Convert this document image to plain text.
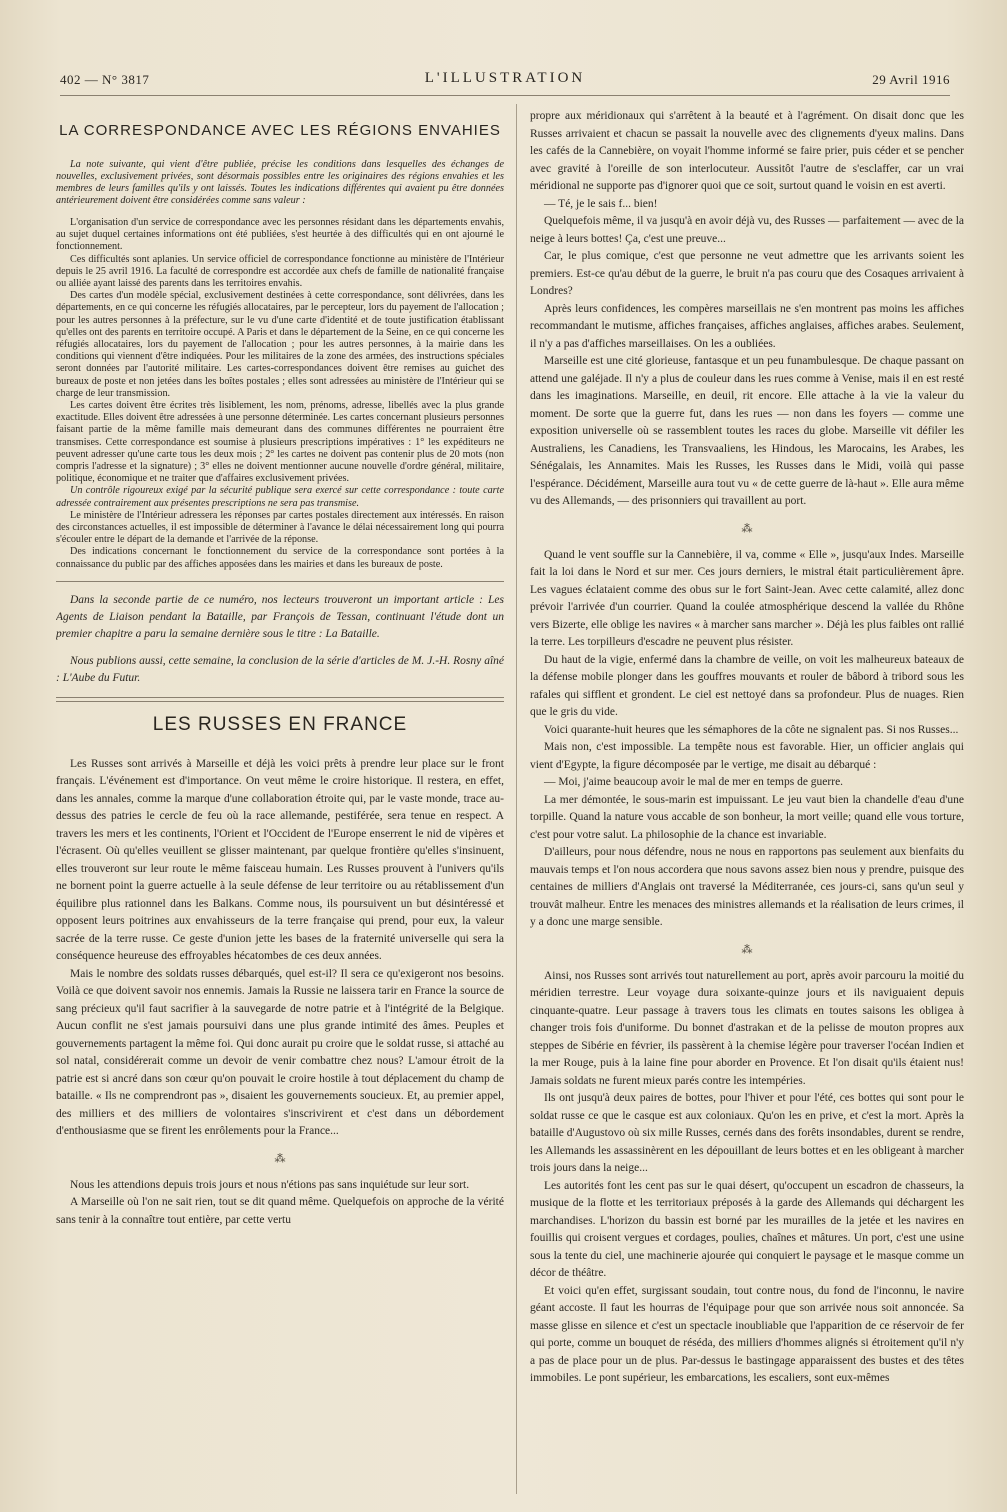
402 — N° 3817	L'ILLUSTRATION	29 Avril 1916
LA CORRESPONDANCE AVEC LES RÉGIONS ENVAHIES

La note suivante, qui vient d'être publiée, précise les conditions dans lesquelles des échanges de nouvelles, exclusivement privées, sont désormais possibles entre les originaires des régions envahies et les membres de leurs familles qu'ils y ont laissés. Toutes les indications différentes qui avaient pu être données antérieurement doivent être considérées comme sans valeur :

L'organisation d'un service de correspondance avec les personnes résidant dans les départements envahis, au sujet duquel certaines informations ont été publiées, s'est heurtée à des difficultés qui en ont ajourné le fonctionnement.

Ces difficultés sont aplanies. Un service officiel de correspondance fonctionne au ministère de l'Intérieur depuis le 25 avril 1916. La faculté de correspondre est accordée aux chefs de famille de nationalité française ou alliée ayant laissé des parents dans les territoires envahis.

Des cartes d'un modèle spécial, exclusivement destinées à cette correspondance, sont délivrées, dans les départements, en ce qui concerne les réfugiés allocataires, par le percepteur, lors du payement de l'allocation ; pour les autres personnes à la préfecture, sur le vu d'une carte d'identité et de toute justification établissant qu'elles ont des parents en territoire occupé. A Paris et dans le département de la Seine, en ce qui concerne les réfugiés allocataires, lors du payement de l'allocation ; pour les autres personnes, à la mairie dans les conditions qui viennent d'être indiquées. Pour les militaires de la zone des armées, des instructions spéciales seront données par l'autorité militaire. Les cartes-correspondances doivent être remises au guichet des bureaux de poste et non jetées dans les boîtes postales ; elles sont adressées au ministère de l'Intérieur qui se charge de leur transmission.

Les cartes doivent être écrites très lisiblement, les nom, prénoms, adresse, libellés avec la plus grande exactitude. Elles doivent être adressées à une personne déterminée. Les cartes concernant plusieurs personnes faisant partie de la même famille mais demeurant dans des communes différentes ne pourraient être transmises. Cette correspondance est soumise à plusieurs prescriptions impératives : 1° les expéditeurs ne peuvent adresser qu'une carte tous les deux mois ; 2° les cartes ne doivent pas contenir plus de 20 mots (non compris l'adresse et la signature) ; 3° elles ne doivent mentionner aucune nouvelle d'ordre général, militaire, politique, économique et ne traiter que d'affaires exclusivement privées.

Un contrôle rigoureux exigé par la sécurité publique sera exercé sur cette correspondance : toute carte adressée contrairement aux présentes prescriptions ne sera pas transmise.

Le ministère de l'Intérieur adressera les réponses par cartes postales directement aux intéressés. En raison des circonstances actuelles, il est impossible de déterminer à l'avance le délai nécessairement long qui pourra s'écouler entre le départ de la demande et l'arrivée de la réponse.

Des indications concernant le fonctionnement du service de la correspondance sont portées à la connaissance du public par des affiches apposées dans les mairies et dans les bureaux de poste.

Dans la seconde partie de ce numéro, nos lecteurs trouveront un important article : Les Agents de Liaison pendant la Bataille, par François de Tessan, continuant l'étude dont un premier chapitre a paru la semaine dernière sous le titre : La Bataille.

Nous publions aussi, cette semaine, la conclusion de la série d'articles de M. J.-H. Rosny aîné : L'Aube du Futur.

LES RUSSES EN FRANCE

Les Russes sont arrivés à Marseille et déjà les voici prêts à prendre leur place sur le front français. L'événement est d'importance. On veut même le croire historique. Il restera, en effet, dans les annales, comme la marque d'une collaboration étroite qui, par le vaste monde, trace au-dessus des patries le cercle de feu où la race allemande, pestiférée, sera tenue en respect. A travers les mers et les continents, l'Orient et l'Occident de l'Europe enserrent le nid de vipères et l'écrasent. Où qu'elles veuillent se glisser maintenant, par quelque frontière qu'elles s'insinuent, elles trouveront sur leur route le même faisceau humain. Les Russes prouvent à l'univers qu'ils ne bornent point la guerre actuelle à la seule défense de leur territoire ou au rétablissement d'un équilibre plus rationnel dans les Balkans. Comme nous, ils poursuivent un but désintéressé et opposent leurs poitrines aux envahisseurs de la terre française qui prend, pour eux, la valeur sacrée de la terre russe. Ce geste d'union jette les bases de la fraternité universelle qui sera la conséquence heureuse des effroyables hécatombes de ces deux années.

Mais le nombre des soldats russes débarqués, quel est-il? Il sera ce qu'exigeront nos besoins. Voilà ce que doivent savoir nos ennemis. Jamais la Russie ne laissera tarir en France la source de sang précieux qu'il faut sacrifier à la sauvegarde de notre patrie et à l'intégrité de la Belgique. Aucun conflit ne s'est jamais poursuivi dans une plus grande intimité des âmes. Peuples et gouvernements partagent la même foi. Qui donc aurait pu croire que le soldat russe, si attaché au sol natal, considérerait comme un devoir de venir combattre chez nous? L'amour étroit de la patrie est si ancré dans son cœur qu'on pouvait le croire hostile à tout déplacement du champ de bataille. « Ils ne comprendront pas », disaient les gouvernements soucieux. Et, au premier appel, des milliers et des milliers de volontaires s'inscrivirent et c'est dans un débordement d'enthousiasme que se firent les enrôlements pour la France...

⁂

Nous les attendions depuis trois jours et nous n'étions pas sans inquiétude sur leur sort.

A Marseille où l'on ne sait rien, tout se dit quand même. Quelquefois on approche de la vérité sans tenir à la connaître tout entière, par cette vertu

propre aux méridionaux qui s'arrêtent à la beauté et à l'agrément. On disait donc que les Russes arrivaient et chacun se passait la nouvelle avec des clignements d'yeux malins. Dans les cafés de la Cannebière, on voyait l'homme informé se faire prier, puis céder et se pencher avec gravité à l'oreille de son interlocuteur. Aussitôt l'autre de s'esclaffer, car un vrai méridional ne supporte pas d'ignorer quoi que ce soit, surtout quand le voisin en est averti.

— Té, je le sais f... bien!

Quelquefois même, il va jusqu'à en avoir déjà vu, des Russes — parfaitement — avec de la neige à leurs bottes! Ça, c'est une preuve...

Car, le plus comique, c'est que personne ne veut admettre que les arrivants soient les premiers. Est-ce qu'au début de la guerre, le bruit n'a pas couru que des Cosaques arrivaient à Londres?

Après leurs confidences, les compères marseillais ne s'en montrent pas moins les affiches recommandant le mutisme, affiches françaises, affiches anglaises, affiches arabes. Seulement, il n'y a pas d'affiches marseillaises. On les a oubliées.

Marseille est une cité glorieuse, fantasque et un peu funambulesque. De chaque passant on attend une galéjade. Il n'y a plus de couleur dans les rues comme à Venise, mais il en est resté dans les imaginations. Marseille, en deuil, rit encore. Elle attache à la vie la valeur du moment. De sorte que la guerre fut, dans les rues — non dans les foyers — comme une exposition universelle où se rassemblent toutes les races du globe. Marseille vit défiler les Australiens, les Canadiens, les Transvaaliens, les Hindous, les Marocains, les Arabes, les Sénégalais, les Annamites. Mais les Russes, les Russes dans le Midi, voilà qui passe l'espérance. Décidément, Marseille aura tout vu « de cette guerre de là-haut ». Elle aura même vu des Allemands, — des prisonniers qui travaillent au port.

⁂

Quand le vent souffle sur la Cannebière, il va, comme « Elle », jusqu'aux Indes. Marseille fait la loi dans le Nord et sur mer. Ces jours derniers, le mistral était particulièrement âpre. Les vagues éclataient comme des obus sur le fort Saint-Jean. Avec cette calamité, allez donc prévoir l'arrivée d'un courrier. Quand la coulée atmosphérique descend la vallée du Rhône vers Bizerte, elle oblige les navires « à marcher sans marcher ». Déjà les plus faibles ont rallié la terre. Les torpilleurs d'escadre ne peuvent plus résister.

Du haut de la vigie, enfermé dans la chambre de veille, on voit les malheureux bateaux de la défense mobile plonger dans les gouffres mouvants et rouler de bâbord à tribord sous les rafales qui sifflent et grondent. Le ciel est nettoyé dans sa profondeur. Plus de nuages. Rien que le gris du vide.

Voici quarante-huit heures que les sémaphores de la côte ne signalent pas. Si nos Russes...

Mais non, c'est impossible. La tempête nous est favorable. Hier, un officier anglais qui vient d'Egypte, la figure décomposée par le vertige, me disait au débarqué :

— Moi, j'aime beaucoup avoir le mal de mer en temps de guerre.

La mer démontée, le sous-marin est impuissant. Le jeu vaut bien la chandelle d'eau d'une torpille. Quand la nature vous accable de son bonheur, la mort veille; quand elle vous torture, c'est pour votre salut. La philosophie de la chance est invariable.

D'ailleurs, pour nous défendre, nous ne nous en rapportons pas seulement aux bienfaits du mauvais temps et l'on nous accordera que nous savons assez bien nous y prendre, puisque des centaines de milliers d'Anglais ont traversé la Méditerranée, ces jours-ci, sans qu'un seul y trouvât malheur. Entre les menaces des ministres allemands et la réalisation de leurs crimes, il y a donc une marge sensible.

⁂

Ainsi, nos Russes sont arrivés tout naturellement au port, après avoir parcouru la moitié du méridien terrestre. Leur voyage dura soixante-quinze jours et ils naviguaient depuis cinquante-quatre. Leur passage à travers tous les climats en toutes saisons les obligea à changer trois fois d'uniforme. Du bonnet d'astrakan et de la pelisse de mouton propres aux steppes de Sibérie en février, ils passèrent à la chemise légère pour traverser l'océan Indien et la mer Rouge, puis à la laine fine pour aborder en Provence. Et l'on disait qu'ils étaient nus! Jamais soldats ne furent mieux parés contre les intempéries.

Ils ont jusqu'à deux paires de bottes, pour l'hiver et pour l'été, ces bottes qui sont pour le soldat russe ce que le casque est aux coloniaux. Qu'on les en prive, et c'est la mort. Après la bataille d'Augustovo où six mille Russes, cernés dans des forêts insondables, durent se rendre, les Allemands les assassinèrent en les dépouillant de leurs bottes et en les obligeant à marcher trois jours dans la neige...

Les autorités font les cent pas sur le quai désert, qu'occupent un escadron de chasseurs, la musique de la flotte et les territoriaux préposés à la garde des Allemands qui déchargent les marchandises. L'horizon du bassin est borné par les murailles de la jetée et les navires en fouillis qui croisent vergues et cordages, poulies, chaînes et mâtures. Un port, c'est une usine sous la tente du ciel, une machinerie ajourée qui conquiert le paysage et le masque comme un décor de théâtre.

Et voici qu'en effet, surgissant soudain, tout contre nous, du fond de l'inconnu, le navire géant accoste. Il faut les hourras de l'équipage pour que son arrivée nous soit annoncée. Sa masse glisse en silence et c'est un spectacle inoubliable que l'apparition de ce réservoir de fer qui porte, comme un bouquet de réséda, des milliers d'hommes alignés si étroitement qu'il n'y a pas de place pour un de plus. Par-dessus le bastingage apparaissent des bustes et des têtes immobiles. Le pont supérieur, les embarcations, les escaliers, sont eux-mêmes
